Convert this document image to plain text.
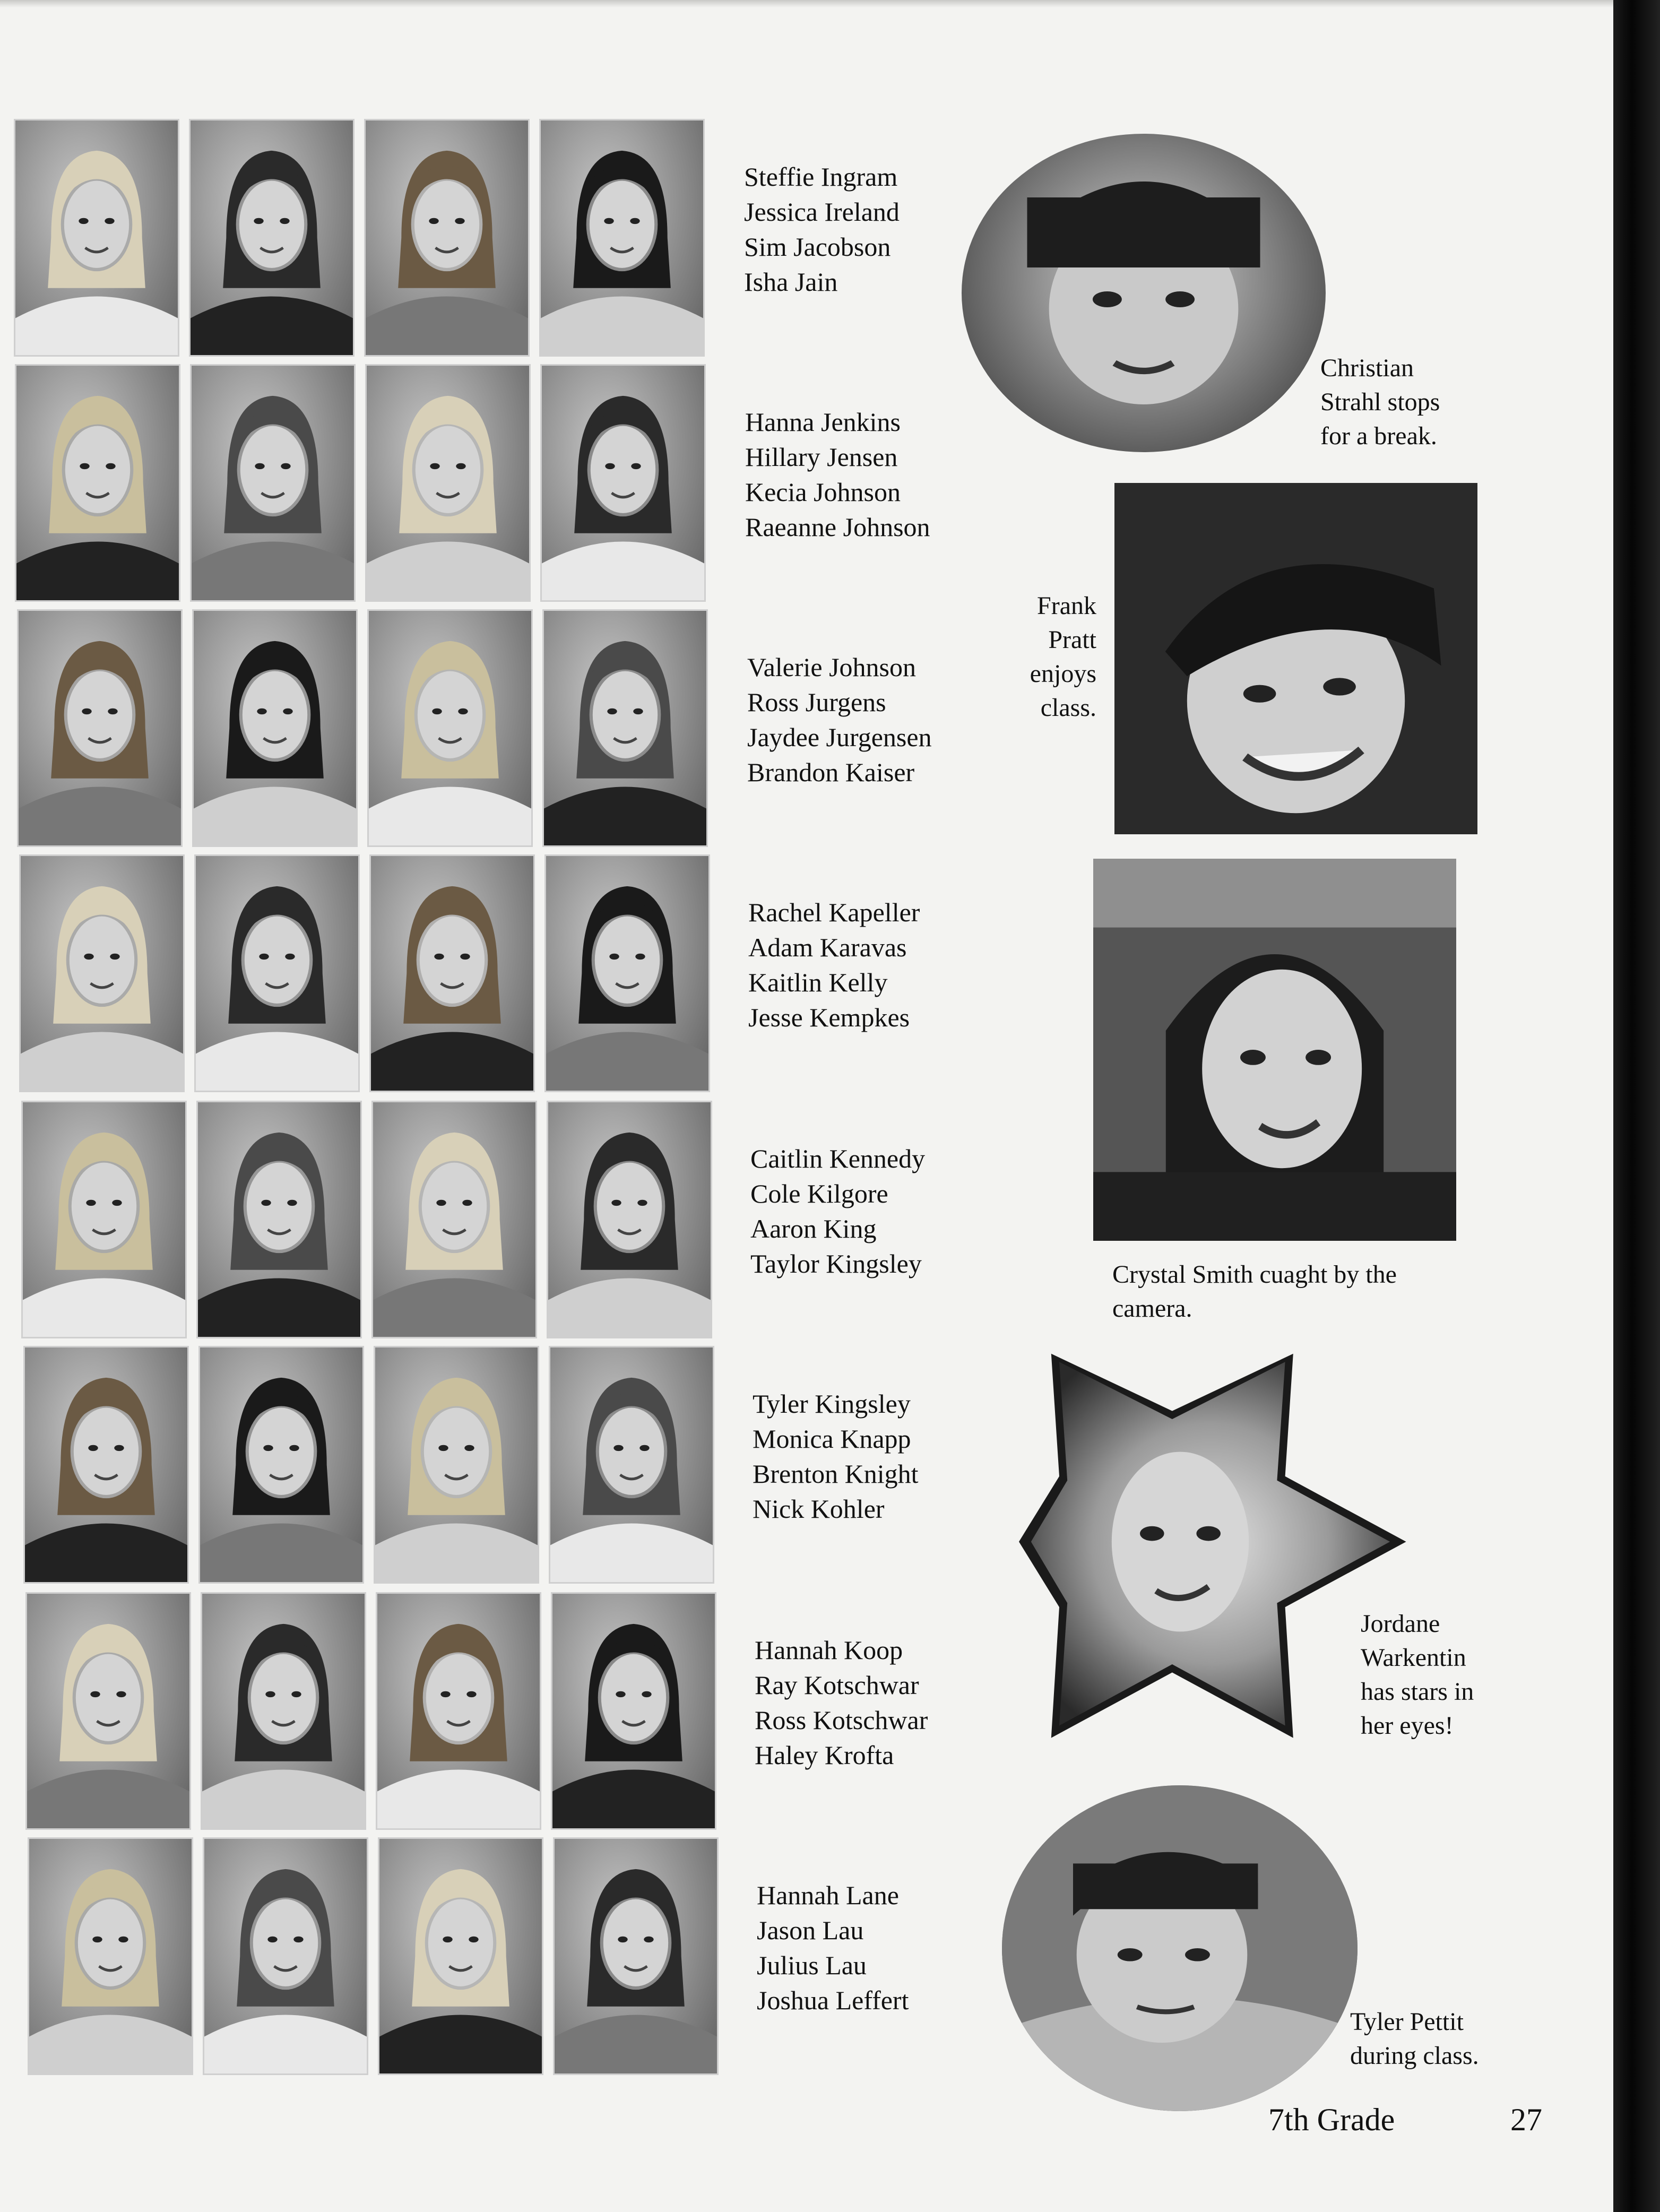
Steffie Ingram
Jessica Ireland
Sim Jacobson
Isha Jain
Hanna Jenkins
Hillary Jensen
Kecia Johnson
Raeanne Johnson
Valerie Johnson
Ross Jurgens
Jaydee Jurgensen
Brandon Kaiser
Rachel Kapeller
Adam Karavas
Kaitlin Kelly
Jesse Kempkes
Caitlin Kennedy
Cole Kilgore
Aaron King
Taylor Kingsley
Tyler Kingsley
Monica Knapp
Brenton Knight
Nick Kohler
Hannah Koop
Ray Kotschwar
Ross Kotschwar
Haley Krofta
Hannah Lane
Jason Lau
Julius Lau
Joshua Leffert
Christian
Strahl stops
for a break.
Frank
Pratt
enjoys
class.
Crystal Smith cuaght by the
camera.
Jordane
Warkentin
has stars in
her eyes!
Tyler Pettit
during class.
7th Grade	27
